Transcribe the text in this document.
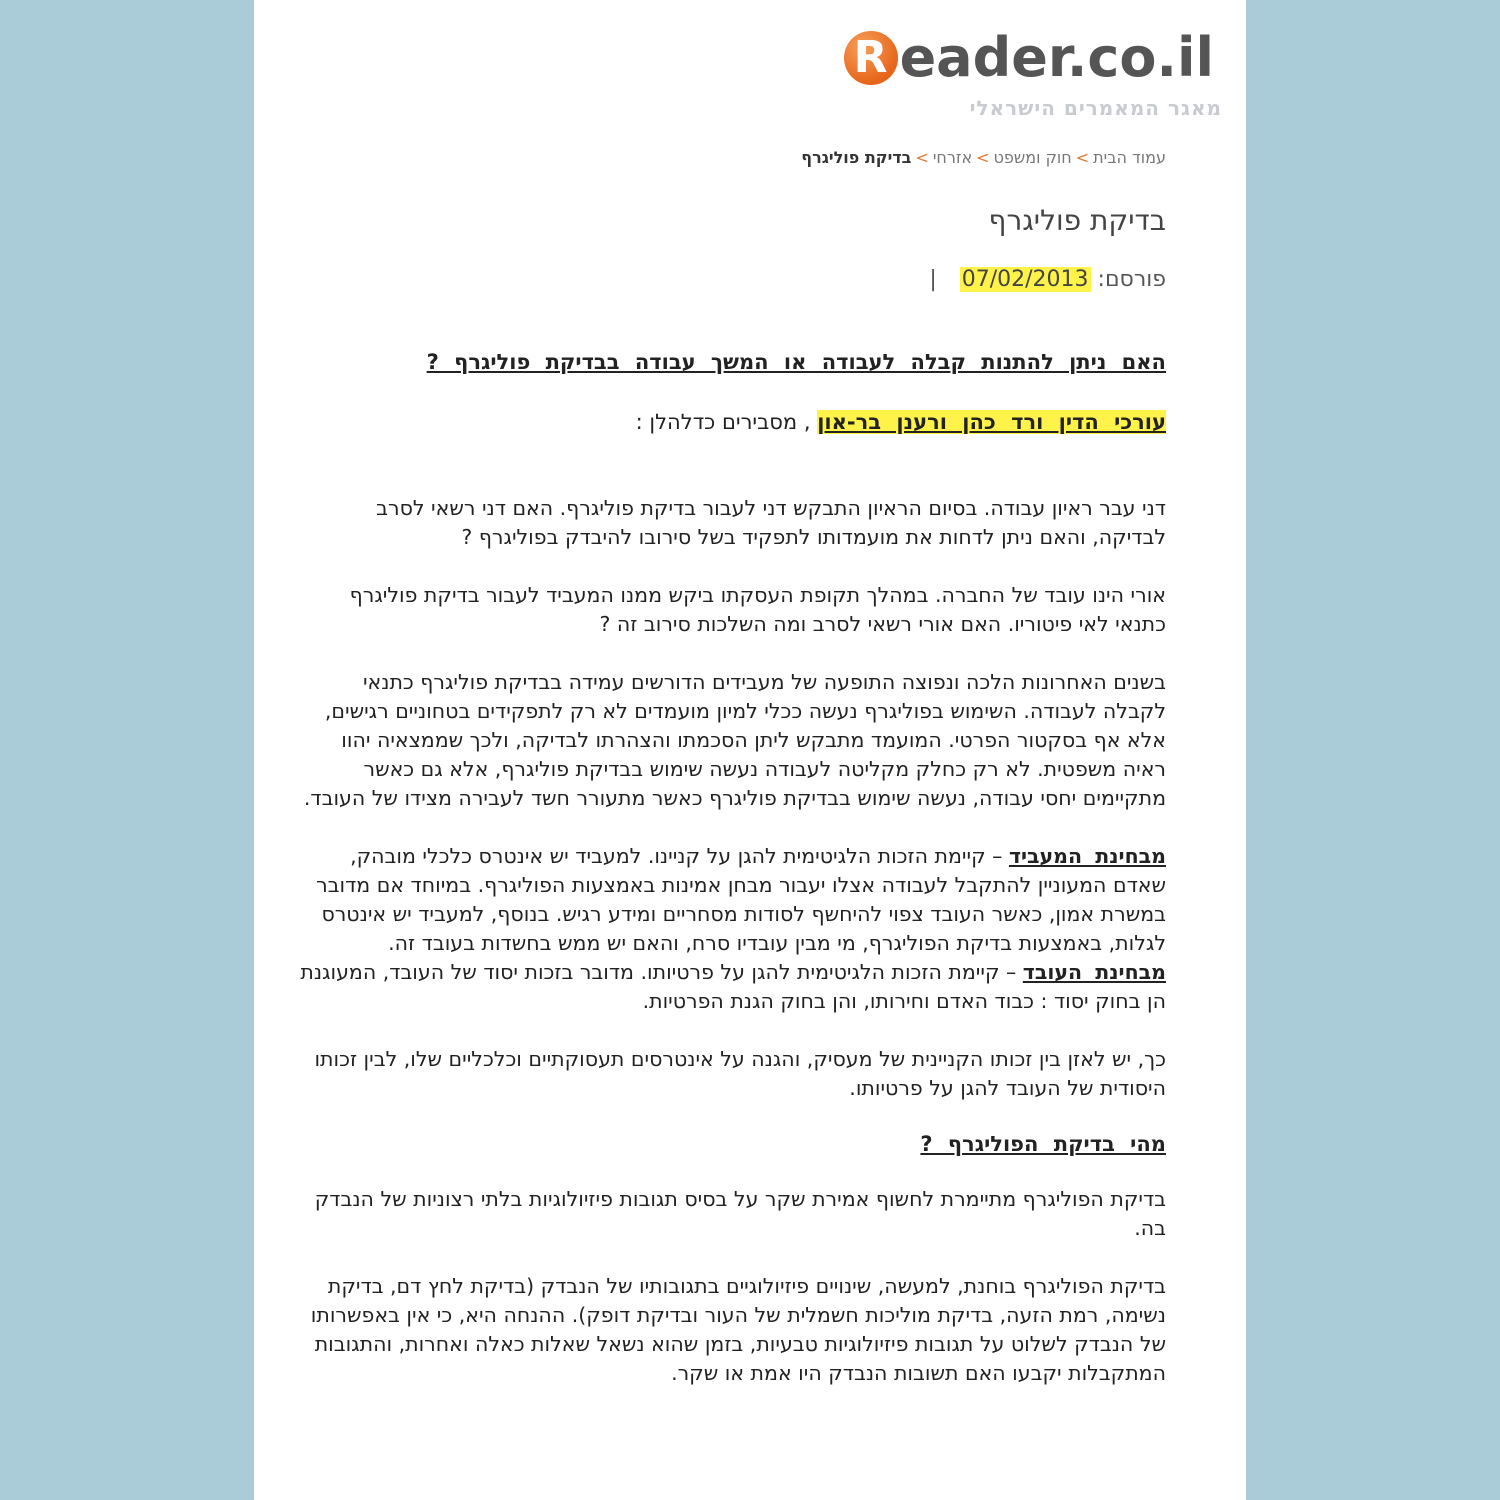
R eader.co.il
מאגר המאמרים הישראלי
עמוד הבית>חוק ומשפט>אזרחי>בדיקת פוליגרף
בדיקת פוליגרף
פורסם: 07/02/2013 |
האם ניתן להתנות קבלה לעבודה או המשך עבודה בבדיקת פוליגרף ?
עורכי הדין ורד כהן ורענן בר-און , מסבירים כדלהלן :
דני עבר ראיון עבודה. בסיום הראיון התבקש דני לעבור בדיקת פוליגרף. האם דני רשאי לסרב לבדיקה, והאם ניתן לדחות את מועמדותו לתפקיד בשל סירובו להיבדק בפוליגרף ?
אורי הינו עובד של החברה. במהלך תקופת העסקתו ביקש ממנו המעביד לעבור בדיקת פוליגרף כתנאי לאי פיטוריו. האם אורי רשאי לסרב ומה השלכות סירוב זה ?
בשנים האחרונות הלכה ונפוצה התופעה של מעבידים הדורשים עמידה בבדיקת פוליגרף כתנאי לקבלה לעבודה. השימוש בפוליגרף נעשה ככלי למיון מועמדים לא רק לתפקידים בטחוניים רגישים, אלא אף בסקטור הפרטי. המועמד מתבקש ליתן הסכמתו והצהרתו לבדיקה, ולכך שממצאיה יהוו ראיה משפטית. לא רק כחלק מקליטה לעבודה נעשה שימוש בבדיקת פוליגרף, אלא גם כאשר מתקיימים יחסי עבודה, נעשה שימוש בבדיקת פוליגרף כאשר מתעורר חשד לעבירה מצידו של העובד.
מבחינת המעביד – קיימת הזכות הלגיטימית להגן על קניינו. למעביד יש אינטרס כלכלי מובהק, שאדם המעוניין להתקבל לעבודה אצלו יעבור מבחן אמינות באמצעות הפוליגרף. במיוחד אם מדובר במשרת אמון, כאשר העובד צפוי להיחשף לסודות מסחריים ומידע רגיש. בנוסף, למעביד יש אינטרס לגלות, באמצעות בדיקת הפוליגרף, מי מבין עובדיו סרח, והאם יש ממש בחשדות בעובד זה.
מבחינת העובד – קיימת הזכות הלגיטימית להגן על פרטיותו. מדובר בזכות יסוד של העובד, המעוגנת הן בחוק יסוד : כבוד האדם וחירותו, והן בחוק הגנת הפרטיות.
כך, יש לאזן בין זכותו הקניינית של מעסיק, והגנה על אינטרסים תעסוקתיים וכלכליים שלו, לבין זכותו היסודית של העובד להגן על פרטיותו.
מהי בדיקת הפוליגרף ?
בדיקת הפוליגרף מתיימרת לחשוף אמירת שקר על בסיס תגובות פיזיולוגיות בלתי רצוניות של הנבדק בה.
בדיקת הפוליגרף בוחנת, למעשה, שינויים פיזיולוגיים בתגובותיו של הנבדק (בדיקת לחץ דם, בדיקת נשימה, רמת הזעה, בדיקת מוליכות חשמלית של העור ובדיקת דופק). ההנחה היא, כי אין באפשרותו של הנבדק לשלוט על תגובות פיזיולוגיות טבעיות, בזמן שהוא נשאל שאלות כאלה ואחרות, והתגובות המתקבלות יקבעו האם תשובות הנבדק היו אמת או שקר.
